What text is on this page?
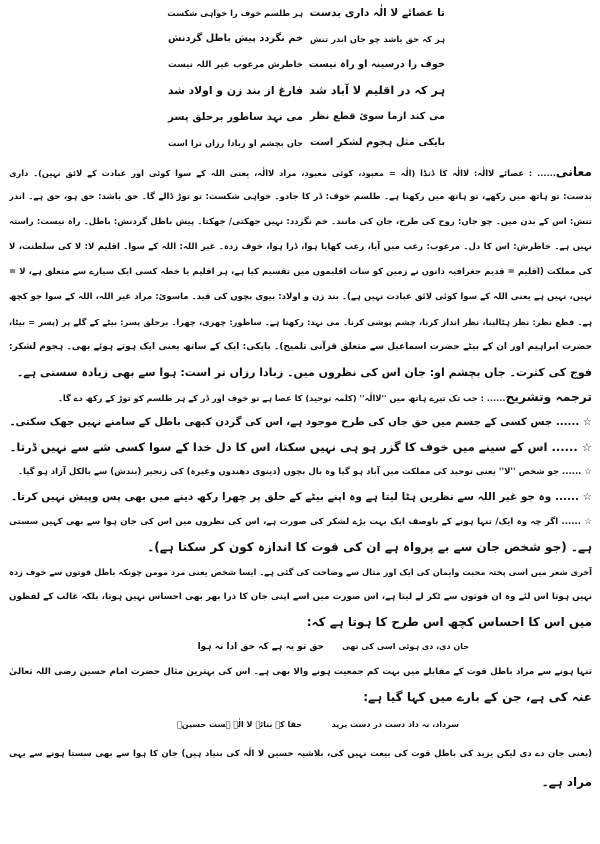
تا عصائے لا الٰہ داری بدست
ہر طلسم خوف را خواہی شکست
ہر کہ حق باشد چو جاں اندر تنش
خم نگردد پیش باطل گردنش
خوف را درسینہ او راہ نیست
خاطرش مرعوب غیر اللہ نیست
ہر کہ در اقلیم لا آباد شد
فارغ از بند زن و اولاد شد
می کند ازما سوئ قطع نظر
می نہد ساطور برحلق پسر
بایکی مثل ہجوم لشکر است
جاں بچشم او زبادا رزاں ترا است
معانی...... : عصائے لاالٰہ: لاالٰہ کا ڈنڈا (الٰہ = معبود، کوئی معبود، مراد لاالٰہ، یعنی اللہ کے سوا کوئی اور عبادت کے لائق نہیں)۔ داری
بدست: تو ہاتھ میں رکھے، تو ہاتھ میں رکھتا ہے۔ طلسم خوف: ڈر کا جادو۔ خواہی شکست: تو توڑ ڈالے گا۔ حق باشد: حق ہو، حق ہے۔ اندر
تنش: اس کے بدن میں۔ چو جاں: روح کی طرح، جان کی مانند۔ خم نگردد: نہیں جھکتی/ جھکتا۔ پیش باطل گردنش: باطل۔ راہ نیست: راستہ
نہیں ہے۔ خاطرش: اس کا دل۔ مرعوب: رعب میں آیا، رعب کھایا ہوا، ڈرا ہوا، خوف زدہ۔ غیر اللہ: اللہ کے سوا۔ اقلیم لا: لا کی سلطنت، لا
کی مملکت (اقلیم = قدیم جغرافیہ دانوں نے زمین کو سات اقلیموں میں تقسیم کیا ہے، ہر اقلیم یا خطہ کسی ایک سیارے سے متعلق ہے، لا =
نہیں، نہیں ہے یعنی اللہ کے سوا کوئی لائق عبادت نہیں ہے)۔ بند زن و اولاد: بیوی بچوں کی قید۔ ماسوئ: مراد غیر اللہ، اللہ کے سوا جو کچھ
ہے۔ قطع نظر: نظر ہٹالینا، نظر انداز کرنا، چشم پوشی کرنا۔ می نہد: رکھتا ہے۔ ساطور: چھری، چھرا۔ برحلق پسر: بیٹے کے گلے پر (پسر = بیٹا،
حضرت ابراہیم اور ان کے بیٹے حضرت اسماعیل سے متعلق قرآنی تلمیح)۔ بایکی: ایک کے ساتھ یعنی ایک ہوتے ہوئے بھی۔ ہجوم لشکر:
فوج کی کثرت۔ جاں بچشم او: جان اس کی نظروں میں۔ زبادا رزاں تر است: ہوا سے بھی زیادہ سستی ہے۔
ترجمہ وتشریح...... : جب تک تیرے ہاتھ میں ''لاالٰہ'' (کلمہ توحید) کا عصا ہے تو خوف اور ڈر کے ہر طلسم کو توڑ کے رکھ دے گا۔
☆ ...... جس کسی کے جسم میں حق جاں کی طرح موجود ہے، اس کی گردن کبھی باطل کے سامنے نہیں جھک سکتی۔
☆ ...... اس کے سینے میں خوف کا گزر ہو ہی نہیں سکتا، اس کا دل خدا کے سوا کسی شے سے نہیں ڈرتا۔
☆ ...... جو شخص ''لا'' یعنی توحید کی مملکت میں آباد ہو گیا وہ بال بچوں (دینوی دھندوں وغیرہ) کی زنجیر (بندش) سے بالکل آزاد ہو گیا۔
☆ ...... وہ جو غیر اللہ سے نظریں ہٹا لیتا ہے وہ اپنے بیٹے کے حلق پر چھرا رکھ دینے میں بھی پس وپیش نہیں کرتا۔
☆ ...... اگر چہ وہ ایک/ تنہا ہونے کے باوصف ایک بہت بڑے لشکر کی صورت ہے، اس کی نظروں میں اس کی جان ہوا سے بھی کہیں سستی
ہے۔ (جو شخص جان سے بے پرواہ ہے ان کی قوت کا اندازہ کون کر سکتا ہے)۔
آخری شعر میں اسی پختہ محبت وایمان کی ایک اور مثال سے وضاحت کی گئی ہے۔ ایسا شخص یعنی مرد مومن چونکہ باطل قوتوں سے خوف زدہ
نہیں ہوتا اس لئے وہ ان قوتوں سے ٹکر لے لیتا ہے، اس صورت میں اسے اپنی جان کا ذرا بھر بھی احساس نہیں ہوتا، بلکہ غالب کے لفظوں
میں اس کا احساس کچھ اس طرح کا ہوتا ہے کہ:
جان دی، دی ہوئی اسی کی تھی
حق تو یہ ہے کہ حق ادا نہ ہوا
تنہا ہونے سے مراد باطل قوت کے مقابلے میں بہت کم جمعیت ہونے والا بھی ہے۔ اس کی بہترین مثال حضرت امام حسین رضی اللہ تعالیٰ
عنہ کی ہے، جن کے بارے میں کہا گیا ہے:
سرداد، نہ داد دست در دست یزید
حقا کہ بنائے لا الٰہ ہست حسینؓ
(یعنی جان دے دی لیکن یزید کی باطل قوت کی بیعت نہیں کی، بلاشبہ حسین لا الٰہ کی بنیاد ہیں) جان کا ہوا سے بھی سستا ہونے سے یہی
مراد ہے۔
